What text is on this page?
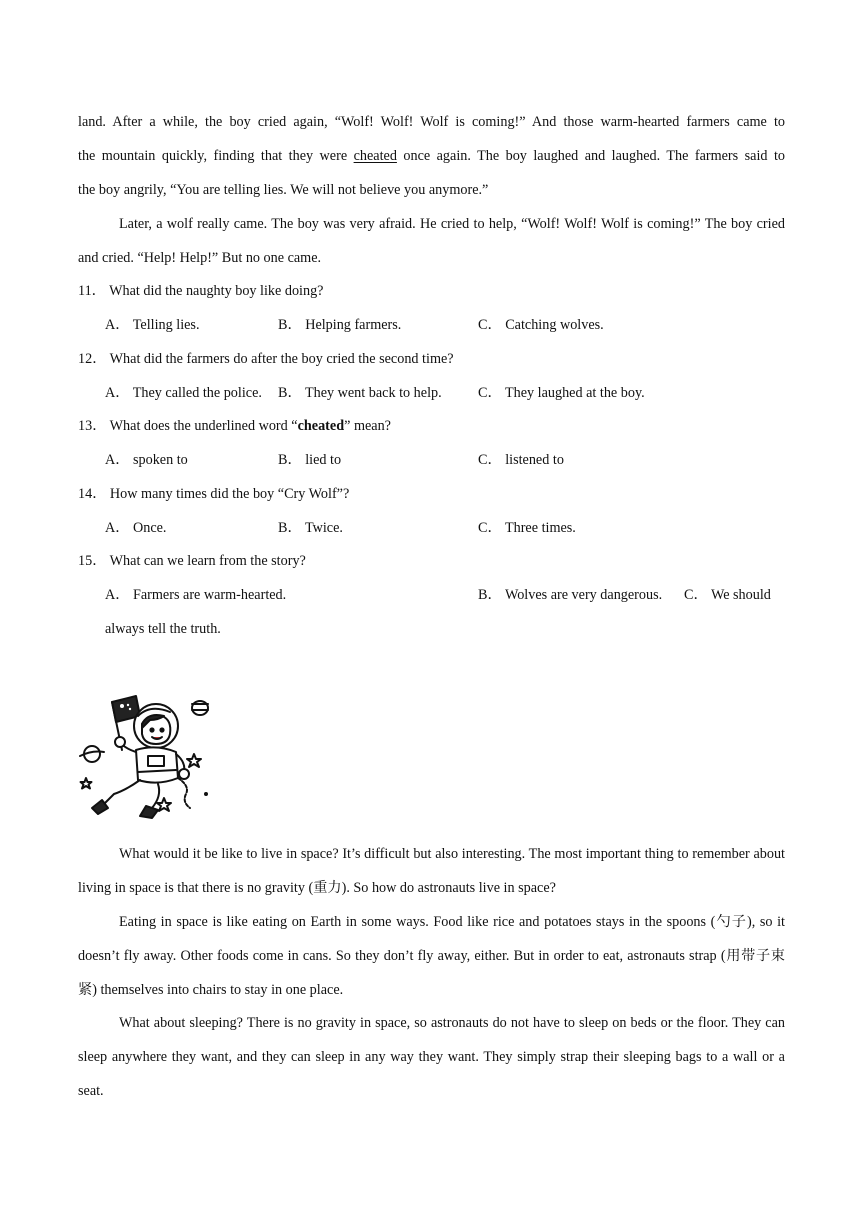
land. After a while, the boy cried again, “Wolf! Wolf! Wolf is coming!” And those warm-hearted farmers came to

the mountain quickly, finding that they were cheated once again. The boy laughed and laughed. The farmers said to

the boy angrily, “You are telling lies. We will not believe you anymore.”

Later, a wolf really came. The boy was very afraid. He cried to help, “Wolf! Wolf! Wolf is coming!” The boy cried and cried. “Help! Help!” But no one came.

11． What did the naughty boy like doing?

A． Telling lies.	B． Helping farmers.	C． Catching wolves.

12． What did the farmers do after the boy cried the second time?

A． They called the police. B． They went back to help.	C． They laughed at the boy.

13． What does the underlined word “cheated” mean?

A． spoken to	B． lied to	C． listened to

14． How many times did the boy “Cry Wolf”?

A． Once.	B． Twice.	C． Three times.

15． What can we learn from the story?

A． Farmers are warm-hearted.	B． Wolves are very dangerous. C． We should

always tell the truth.

What would it be like to live in space? It’s difficult but also interesting. The most important thing to remember about living in space is that there is no gravity (重力). So how do astronauts live in space?

Eating in space is like eating on Earth in some ways. Food like rice and potatoes stays in the spoons (勺子), so it doesn’t fly away. Other foods come in cans. So they don’t fly away, either. But in order to eat, astronauts strap (用带子束紧) themselves into chairs to stay in one place.

What about sleeping? There is no gravity in space, so astronauts do not have to sleep on beds or the floor. They can sleep anywhere they want, and they can sleep in any way they want. They simply strap their sleeping bags to a wall or a seat.
